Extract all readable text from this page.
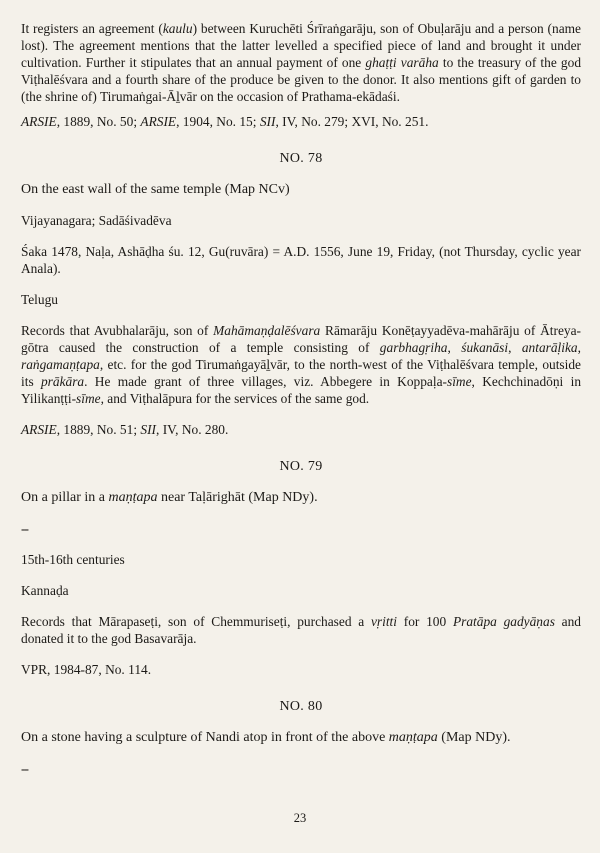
It registers an agreement (kaulu) between Kuruchēti Śrīraṅgarāju, son of Obuḷarāju and a person (name lost). The agreement mentions that the latter levelled a specified piece of land and brought it under cultivation. Further it stipulates that an annual payment of one ghaṭṭi varāha to the treasury of the god Viṭhalēśvara and a fourth share of the produce be given to the donor. It also mentions gift of garden to (the shrine of) Tirumaṅgai-Āḻvār on the occasion of Prathama-ekādaśi.

ARSIE, 1889, No. 50; ARSIE, 1904, No. 15; SII, IV, No. 279; XVI, No. 251.

NO. 78

On the east wall of the same temple (Map NCv)

Vijayanagara; Sadāśivadēva

Śaka 1478, Naḷa, Ashāḍha śu. 12, Gu(ruvāra) = A.D. 1556, June 19, Friday, (not Thursday, cyclic year Anala).

Telugu

Records that Avubhalarāju, son of Mahāmaṇḍalēśvara Rāmarāju Konēṭayyadēva-mahārāju of Ātreya-gōtra caused the construction of a temple consisting of garbhagṛiha, śukanāsi, antarāḷika, raṅgamaṇṭapa, etc. for the god Tirumaṅgayāḻvār, to the north-west of the Viṭhalēśvara temple, outside its prākāra. He made grant of three villages, viz. Abbegere in Koppaḷa-sīme, Kechchinadōṇi in Yilikanṭṭi-sīme, and Viṭhalāpura for the services of the same god.

ARSIE, 1889, No. 51; SII, IV, No. 280.

NO. 79

On a pillar in a maṇṭapa near Taḷārighāt (Map NDy).

--

15th-16th centuries

Kannaḍa

Records that Mārapaseṭi, son of Chemmuriseṭi, purchased a vṛitti for 100 Pratāpa gadyāṇas and donated it to the god Basavarāja.

VPR, 1984-87, No. 114.

NO. 80

On a stone having a sculpture of Nandi atop in front of the above maṇṭapa (Map NDy).

--

23
